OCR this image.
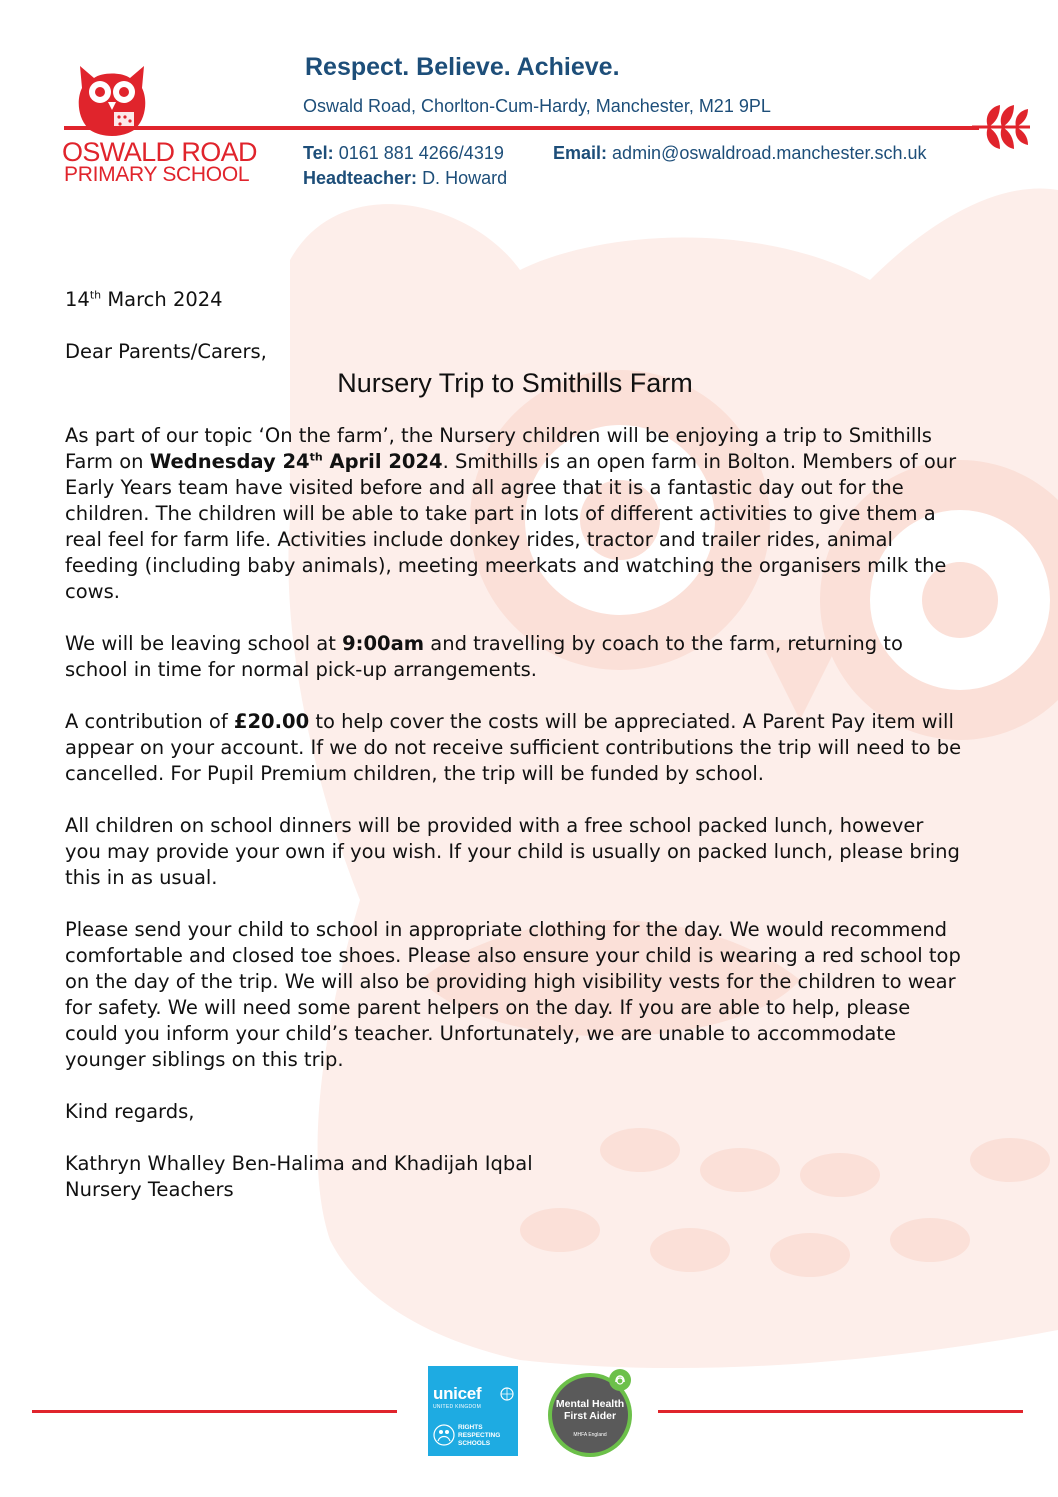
OSWALD ROAD
PRIMARY SCHOOL
Respect. Believe. Achieve.
Oswald Road, Chorlton-Cum-Hardy, Manchester, M21 9PL
Tel: 0161 881 4266/4319	Email: admin@oswaldroad.manchester.sch.uk
Headteacher: D. Howard

14th March 2024

Dear Parents/Carers,

Nursery Trip to Smithills Farm

As part of our topic ‘On the farm’, the Nursery children will be enjoying a trip to Smithills Farm on Wednesday 24th April 2024. Smithills is an open farm in Bolton. Members of our Early Years team have visited before and all agree that it is a fantastic day out for the children. The children will be able to take part in lots of different activities to give them a real feel for farm life. Activities include donkey rides, tractor and trailer rides, animal feeding (including baby animals), meeting meerkats and watching the organisers milk the cows.

We will be leaving school at 9:00am and travelling by coach to the farm, returning to school in time for normal pick-up arrangements.

A contribution of £20.00 to help cover the costs will be appreciated. A Parent Pay item will appear on your account. If we do not receive sufficient contributions the trip will need to be cancelled. For Pupil Premium children, the trip will be funded by school.

All children on school dinners will be provided with a free school packed lunch, however you may provide your own if you wish. If your child is usually on packed lunch, please bring this in as usual.

Please send your child to school in appropriate clothing for the day. We would recommend comfortable and closed toe shoes. Please also ensure your child is wearing a red school top on the day of the trip. We will also be providing high visibility vests for the children to wear for safety. We will need some parent helpers on the day. If you are able to help, please could you inform your child’s teacher. Unfortunately, we are unable to accommodate younger siblings on this trip.

Kind regards,

Kathryn Whalley Ben-Halima and Khadijah Iqbal

Nursery Teachers

unicef
UNITED KINGDOM
RIGHTS
RESPECTING
SCHOOLS
Mental Health
First Aider
MHFA England
